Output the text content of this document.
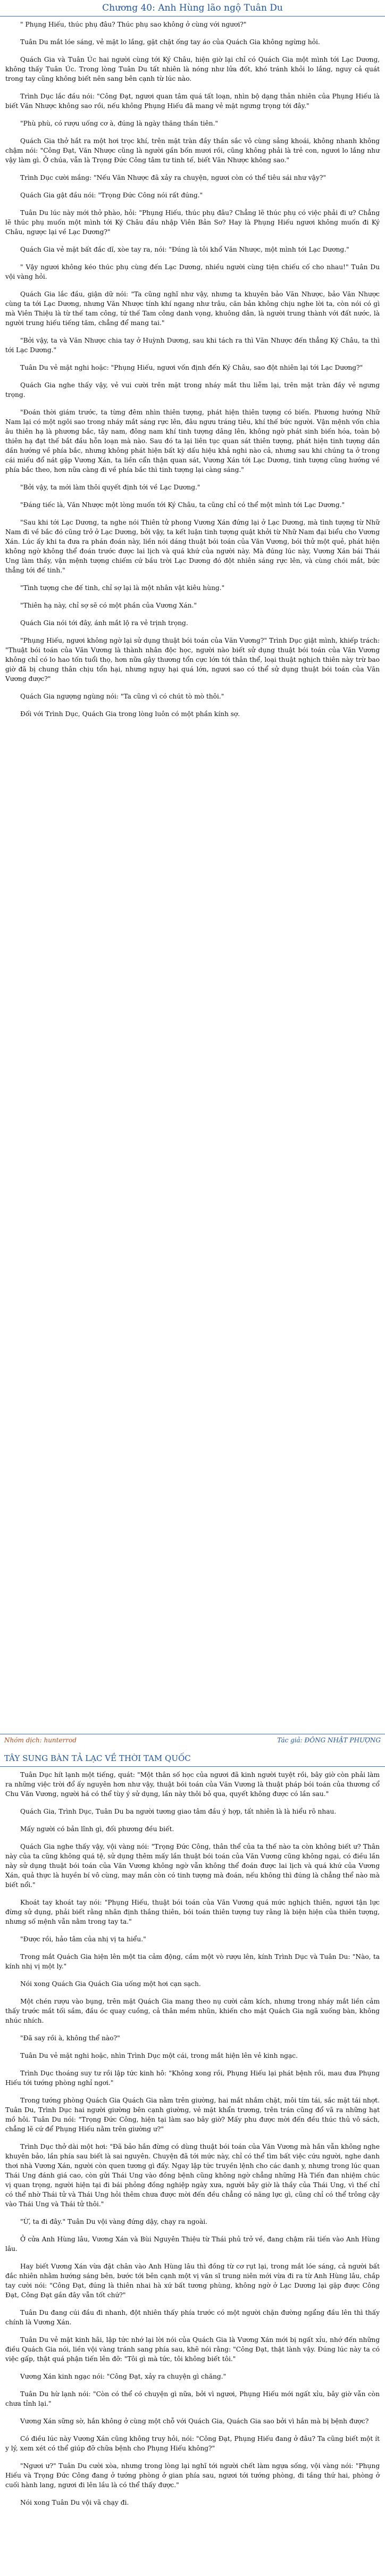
Chương 40: Anh Hùng lão ngộ Tuân Du

" Phụng Hiếu, thúc phụ đâu? Thúc phụ sao không ở cùng với ngươi?"

Tuân Du mắt lóe sáng, vẻ mặt lo lắng, gặt chặt ống tay áo của Quách Gia không ngừng hỏi.

Quách Gia và Tuân Úc hai người cùng tới Ký Châu, hiện giờ lại chỉ có Quách Gia một mình tới Lạc Dương, không thấy Tuân Úc. Trong lòng Tuân Du tất nhiên là nóng như lửa đốt, khó tránh khỏi lo lắng, nguy cả quát trong tay cũng không biết nên sang bên cạnh từ lúc nào.

Trình Dục lắc đầu nói: "Công Đạt, ngươi quan tâm quá tất loạn, nhìn bộ dạng thản nhiên của Phụng Hiếu là biết Văn Nhược không sao rồi, nếu không Phụng Hiếu đã mang vẻ mặt ngưng trọng tới đây."

"Phù phù, có rượu uống cơ à, đúng là ngày thăng thần tiên."

Quách Gia thở hắt ra một hơi trọc khí, trên mặt tràn đầy thần sắc vô cùng sảng khoái, không nhanh không chậm nói: "Công Đạt, Văn Nhược cũng là người gần bốn mươi rồi, cũng không phải là trẻ con, ngươi lo lắng như vậy làm gì. Ở chúa, vẫn là Trọng Đức Công tâm tư tinh tế, biết Văn Nhược không sao."

Trình Dục cười mắng: "Nếu Văn Nhược đã xảy ra chuyện, ngươi còn có thể tiêu sái như vậy?"

Quách Gia gật đầu nói: "Trọng Đức Công nói rất đúng."

Tuân Du lúc này mới thở phào, hỏi: "Phụng Hiếu, thúc phụ đâu? Chẳng lẽ thúc phụ có việc phải đi ư? Chẳng lẽ thúc phụ muốn một mình tới Ký Châu đầu nhập Viên Bản Sơ? Hay là Phụng Hiếu ngươi không muốn đi Ký Châu, ngược lại về Lạc Dương?"

Quách Gia vẻ mặt bất đắc dĩ, xòe tay ra, nói: "Đúng là tôi khổ Văn Nhược, một mình tới Lạc Dương."

" Vậy ngươi không kéo thúc phụ cùng đến Lạc Dương, nhiều người cùng tiện chiếu cố cho nhau!" Tuân Du vội vàng hỏi.

Quách Gia lắc đầu, giận dữ nói: "Ta cũng nghĩ như vậy, nhưng ta khuyên bảo Văn Nhược, bảo Văn Nhược cùng ta tới Lạc Dương, nhưng Văn Nhược tính khí ngang như trâu, căn bản không chịu nghe lời ta, còn nói có gì mà Viên Thiệu là từ thế tam công, tứ thế Tam công danh vọng, khuông dân, là người trung thành với đất nước, là người trung hiếu tiếng tăm, chẳng để mang tai."

"Bởi vậy, ta và Văn Nhược chia tay ở Huỳnh Dương, sau khi tách ra thì Văn Nhược đến thẳng Ký Châu, ta thì tới Lạc Dương."

Tuân Du vẻ mặt nghi hoặc: "Phụng Hiếu, ngươi vốn định đến Ký Châu, sao đột nhiên lại tới Lạc Dương?"

Quách Gia nghe thấy vậy, vẻ vui cười trên mặt trong nháy mắt thu liễm lại, trên mặt tràn đầy vẻ ngưng trọng.

"Đoán thời giám trước, ta từng đêm nhìn thiên tượng, phát hiện thiên tượng có biến. Phương hướng Nhữ Nam lại có một ngôi sao trong nháy mắt sáng rực lên, đâu ngưu tráng tiêu, khí thế bức người. Vận mệnh vốn chìa âu thiên hạ là phương bắc, tây nam, đông nam khí tinh tượng dâng lên, không ngờ phát sinh biến hóa, toàn bộ thiên hạ đạt thế bắt đầu hỗn loạn mà nào. Sau đó ta lại liên tục quan sát thiên tượng, phát hiện tinh tượng dần dần hướng về phía bắc, nhưng không phát hiện bất kỳ dấu hiệu khả nghi nào cả, nhưng sau khi chúng ta ở trong cái miếu đổ nát gặp Vương Xán, ta liền cẩn thận quan sát, Vương Xán tới Lạc Dương, tinh tượng cũng hướng về phía bắc theo, hơn nữa càng đi về phía bắc thì tinh tượng lại càng sáng."

"Bởi vậy, ta mới làm thôi quyết định tới về Lạc Dương."

"Đáng tiếc là, Văn Nhược một lòng muốn tới Ký Châu, ta cũng chỉ có thể một mình tới Lạc Dương."

"Sau khi tới Lạc Dương, ta nghe nói Thiên tử phong Vương Xán đứng lại ở Lạc Dương, mà tình tượng từ Nhữ Nam đi về bắc đó cũng trở ở Lạc Dương, bởi vậy, ta kết luận tinh tượng quật khởi từ Nhữ Nam đại biểu cho Vương Xán. Lúc ấy khi ta đưa ra phán đoán này, liền nói dáng thuật bói toán của Văn Vương, bói thử một quẻ, phát hiện không ngờ không thể đoán trước được lai lịch và quá khứ của người này. Mà đúng lúc này, Vương Xán bái Thái Ung làm thầy, vận mệnh tượng chiếm cứ bầu trời Lạc Dương đó đột nhiên sáng rực lên, và cùng chói mắt, bức thẳng tới đế tinh."

"Tình tượng che đế tinh, chỉ sợ lại là một nhân vật kiêu hùng."

"Thiên hạ này, chỉ sợ sẽ có một phần của Vương Xán."

Quách Gia nói tới đây, ánh mắt lộ ra vẻ trịnh trọng.

"Phụng Hiếu, ngươi không ngờ lại sử dụng thuật bói toán của Văn Vương?" Trình Dục giật mình, khiếp trách: "Thuật bói toán của Văn Vương là thành nhân độc học, người nào biết sử dụng thuật bói toán của Văn Vương không chỉ có lo hao tốn tuổi thọ, hơn nữa gây thương tổn cực lớn tới thân thể, loại thuật nghịch thiên này trừ bao giờ đã bị chung thân chịu tổn hại, nhưng nguy hại quá lớn, ngươi sao có thể sử dụng thuật bói toán của Văn Vương được?"

Quách Gia ngượng ngùng nói: "Ta cũng vì có chút tò mò thôi."

Đối với Trình Dục, Quách Gia trong lòng luôn có một phần kính sợ.

Nhóm dịch: hunterrod	Tác giả: ĐÔNG NHẬT PHƯỢNG
TÂY SUNG BÀN TẢ LẠC VỀ THỜI TAM QUỐC

Tuân Dục hít lạnh một tiếng, quát: "Một thân số học của ngươi đã kinh người tuyệt rồi, bây giờ còn phải làm ra những việc trời đổ ấy nguyên hơn như vậy, thuật bói toán của Văn Vương là thuật pháp bói toán của thương cổ Chu Văn Vương, người há có thể tùy ý sử dụng, lần này thôi bỏ qua, quyết không được có lần sau."

Quách Gia, Trình Dục, Tuân Du ba người tương giao tâm đầu ý hợp, tất nhiên là là hiểu rõ nhau.

Mấy người có bản lĩnh gì, đối phương đều biết.

Quách Gia nghe thấy vậy, vội vàng nói: "Trọng Đức Công, thân thể của ta thế nào ta còn không biết ư? Thân này của ta cũng không quá tệ, sử dụng thêm mấy lần thuật bói toán của Văn Vương cũng không ngại, có điều lần này sử dụng thuật bói toán của Văn Vương không ngờ vẫn không thể đoán được lai lịch và quá khứ của Vương Xán, quả thực là huyền bí vô cùng, may mắn còn có tinh tượng mà đoán, nếu không thì đúng là chẳng thể nào mà biết nổi."

Khoát tay khoát tay nói: "Phụng Hiếu, thuật bói toán của Văn Vương quá mức nghịch thiên, ngươi tận lực đừng sử dụng, phải biết rằng nhân định thắng thiên, bói toán thiên tượng tuy rằng là biện hiện của thiên tượng, nhưng số mệnh vẫn nằm trong tay ta."

"Được rồi, hảo tâm của nhị vị ta hiểu."

Trong mắt Quách Gia hiện lên một tia cảm động, cầm một vò rượu lên, kính Trình Dục và Tuân Du: "Nào, ta kính nhị vị một ly."

Nói xong Quách Gia Quách Gia uống một hơi cạn sạch.

Một chén rượu vào bụng, trên mặt Quách Gia mang theo nụ cười cảm kích, nhưng trong nháy mắt liền cảm thấy trước mắt tối sầm, đầu óc quay cuồng, cả thân mềm nhũn, khiến cho mặt Quách Gia ngã xuống bàn, không nhúc nhích.

"Đã say rồi à, không thể nào?"

Tuân Du vẻ mặt nghi hoặc, nhìn Trình Dục một cái, trong mắt hiện lên vẻ kinh ngạc.

Trình Dục thoáng suy tư rồi lập tức kinh hô: "Không xong rồi, Phụng Hiếu lại phát bệnh rồi, mau đưa Phụng Hiếu tới tướng phòng nghỉ ngơi."

Trong tướng phòng Quách Gia Quách Gia nằm trên giường, hai mắt nhắm chặt, môi tím tái, sắc mặt tái nhợt. Tuân Du, Trình Dục hai người giường bên cạnh giường, vẻ mặt khẩn trương, trên trán cũng đổ vã ra những hạt mồ hôi. Tuân Du nói: "Trọng Đức Công, hiện tại làm sao bây giờ? Mấy phu được mời đến đều thúc thủ vô sách, chẳng lẽ cứ để Phụng Hiếu nằm trên giường ư?"

Trình Dục thở dài một hơi: "Đã bảo hắn đừng có dùng thuật bói toán của Văn Vương mà hắn vẫn không nghe khuyên bảo, lần phía sau biết là sai nguyên. Chuyện đã tới mức này, chỉ có thể tìm bất việc cứu người, nghe danh thơi nhà Vương Xán, người còn quen tương gì đấy. Ngay lập tức truyền lệnh cho các danh y, nhưng trong lúc quan Thái Ung đánh giá cao, còn gửi Thái Ung vào đồng bệnh cũng không ngờ chẳng những Hà Tiến đan nhiệm chúc vị quan trọng, người hiện tại đi bái phỏng đồng nghiệp ngày xưa, người bây giờ là thầy của Thái Ung, vì thế chỉ có thể nhờ Thái tử và Thái Ung hỏi thêm chưa được mời đến đều chẳng có năng lực gì, cũng chỉ có thể trông cậy vào Thái Ung và Thái tử thôi."

"Ừ, ta đi đây." Tuân Du vội vàng đứng dậy, chạy ra ngoài.

Ở cửa Anh Hùng lâu, Vương Xán và Bùi Nguyên Thiệu từ Thái phủ trở về, đang chậm rãi tiến vào Anh Hùng lâu.

Hay biết Vương Xán vừa đặt chân vào Anh Hùng lâu thì đồng từ cơ rụt lại, trong mắt lóe sáng, cả người bất đắc nhiên nhằm hướng sáng bên, bước tới bên cạnh một vị văn sĩ trung niên mới vừa đi ra từ Anh Hùng lâu, chắp tay cười nói: "Công Đạt, đúng là thiên nhai hà xứ bất tương phùng, không ngờ ở Lạc Dương lại gặp được Công Đạt, Công Đạt gần đây vẫn tốt chứ?"

Tuân Du đang cúi đầu đi nhanh, đột nhiên thấy phía trước có một người chặn đường ngẩng đầu lên thì thấy chính là Vương Xán.

Tuân Du vẻ mặt kinh hãi, lập tức nhớ lại lời nói của Quách Gia là Vương Xán mới bị ngất xỉu, nhớ đến những điều Quách Gia nói, liền vội vàng tránh sang phía sau, khẽ nói rằng: "Công Đạt, thật lành vậy. Đúng lúc này ta có việc gấp, thật quá phận tiến lên đỡ: "Tôi gì mà tức, tôi không biết tôi."

Vương Xán kinh ngạc nói: "Công Đạt, xảy ra chuyện gì chăng."

Tuân Du hừ lạnh nói: "Còn có thể có chuyện gì nữa, bởi vì ngươi, Phụng Hiếu mới ngất xỉu, bây giờ vẫn còn chưa tỉnh lại."

Vương Xán sững sờ, hắn không ở cùng một chỗ với Quách Gia, Quách Gia sao bởi vì hắn mà bị bệnh được?

Có điều lúc này Vương Xán cũng không truy hỏi, nói: "Công Đạt, Phụng Hiếu đang ở đâu? Ta cũng biết một ít y lý, xem xét có thể giúp đỡ chữa bệnh cho Phụng Hiếu không?"

"Ngươi ư?" Tuân Du cười xòa, nhưng trong lòng lại nghĩ tới người chết làm ngựa sống, vội vàng nói: "Phụng Hiếu và Trọng Đức Công đang ở tướng phòng ở gian phía sau, ngươi tới tướng phòng, đi tầng thứ hai, phòng ở cuối hành lang, ngươi đi lên lầu là có thể thấy được."

Nói xong Tuân Du vội vã chạy đi.
